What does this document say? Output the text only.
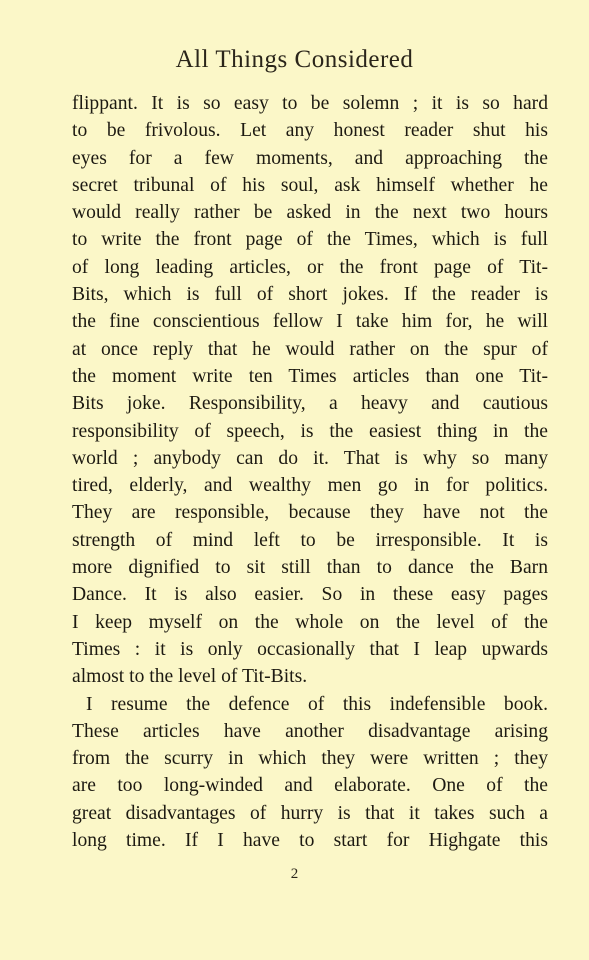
All Things Considered
flippant. It is so easy to be solemn ; it is so hard
to be frivolous. Let any honest reader shut his
eyes for a few moments, and approaching the
secret tribunal of his soul, ask himself whether he
would really rather be asked in the next two hours
to write the front page of the Times, which is full
of long leading articles, or the front page of Tit-
Bits, which is full of short jokes. If the reader is
the fine conscientious fellow I take him for, he will
at once reply that he would rather on the spur of
the moment write ten Times articles than one Tit-
Bits joke. Responsibility, a heavy and cautious
responsibility of speech, is the easiest thing in the
world ; anybody can do it. That is why so many
tired, elderly, and wealthy men go in for politics.
They are responsible, because they have not the
strength of mind left to be irresponsible. It is
more dignified to sit still than to dance the Barn
Dance. It is also easier. So in these easy pages
I keep myself on the whole on the level of the
Times : it is only occasionally that I leap upwards
almost to the level of Tit-Bits.
I resume the defence of this indefensible book.
These articles have another disadvantage arising
from the scurry in which they were written ; they
are too long-winded and elaborate. One of the
great disadvantages of hurry is that it takes such a
long time. If I have to start for Highgate this
2
